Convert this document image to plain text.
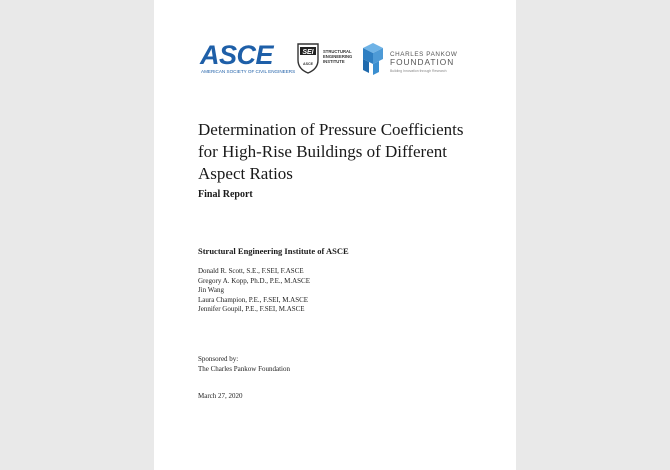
ASCE
AMERICAN SOCIETY OF CIVIL ENGINEERS
SEI
ASCE
STRUCTURAL
ENGINEERING
INSTITUTE
CHARLES PANKOW
FOUNDATION
Building Innovation through Research
Determination of Pressure Coefficients
for High-Rise Buildings of Different
Aspect Ratios
Final Report
Structural Engineering Institute of ASCE
Donald R. Scott, S.E., F.SEI, F.ASCE
Gregory A. Kopp, Ph.D., P.E., M.ASCE
Jin Wang
Laura Champion, P.E., F.SEI, M.ASCE
Jennifer Goupil, P.E., F.SEI, M.ASCE
Sponsored by:
The Charles Pankow Foundation
March 27, 2020
